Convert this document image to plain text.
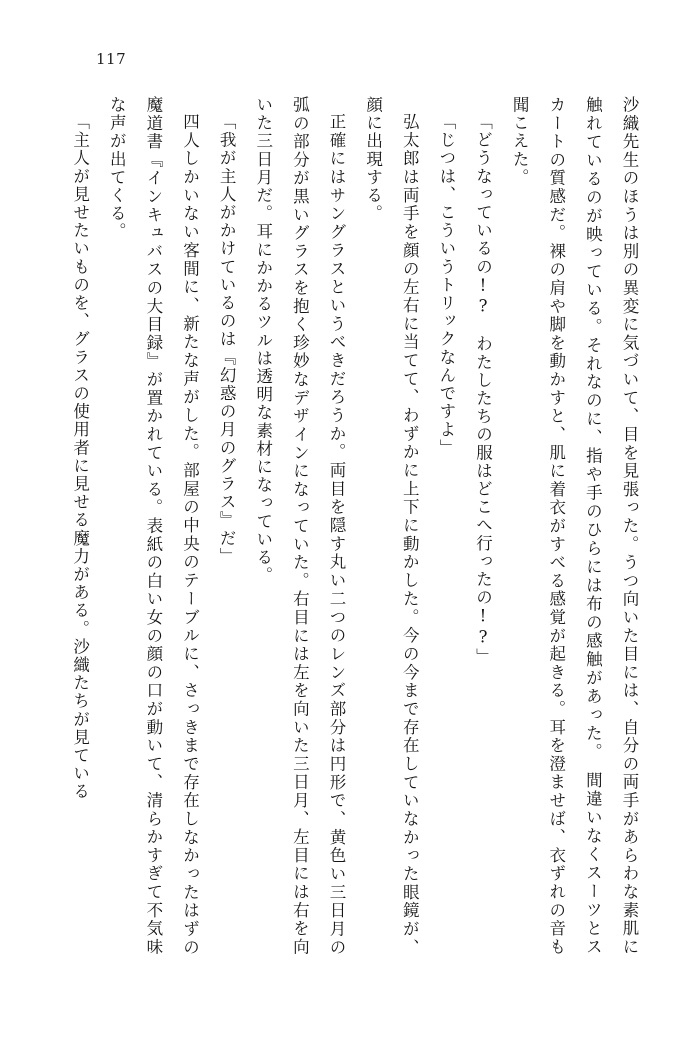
117

沙織先生のほうは別の異変に気づいて、目を見張った。うつ向いた目には、自分の両手があらわな素肌に触れているのが映っている。それなのに、指や手のひらには布の感触があった。　間違いなくスーツとスカートの質感だ。裸の肩や脚を動かすと、肌に着衣がすべる感覚が起きる。耳を澄ませば、衣ずれの音も聞こえた。

「どうなっているの!?　わたしたちの服はどこへ行ったの!?」

「じつは、こういうトリックなんですよ」

弘太郎は両手を顔の左右に当てて、わずかに上下に動かした。今の今まで存在していなかった眼鏡が、顔に出現する。

正確にはサングラスというべきだろうか。両目を隠す丸い二つのレンズ部分は円形で、黄色い三日月の弧の部分が黒いグラスを抱く珍妙なデザインになっていた。右目には左を向いた三日月、左目には右を向いた三日月だ。耳にかかるツルは透明な素材になっている。

「我が主人がかけているのは『幻惑の月のグラス』だ」

四人しかいない客間に、新たな声がした。部屋の中央のテーブルに、さっきまで存在しなかったはずの魔道書『インキュバスの大目録』が置かれている。表紙の白い女の顔の口が動いて、清らかすぎて不気味な声が出てくる。

「主人が見せたいものを、グラスの使用者に見せる魔力がある。沙織たちが見ている
